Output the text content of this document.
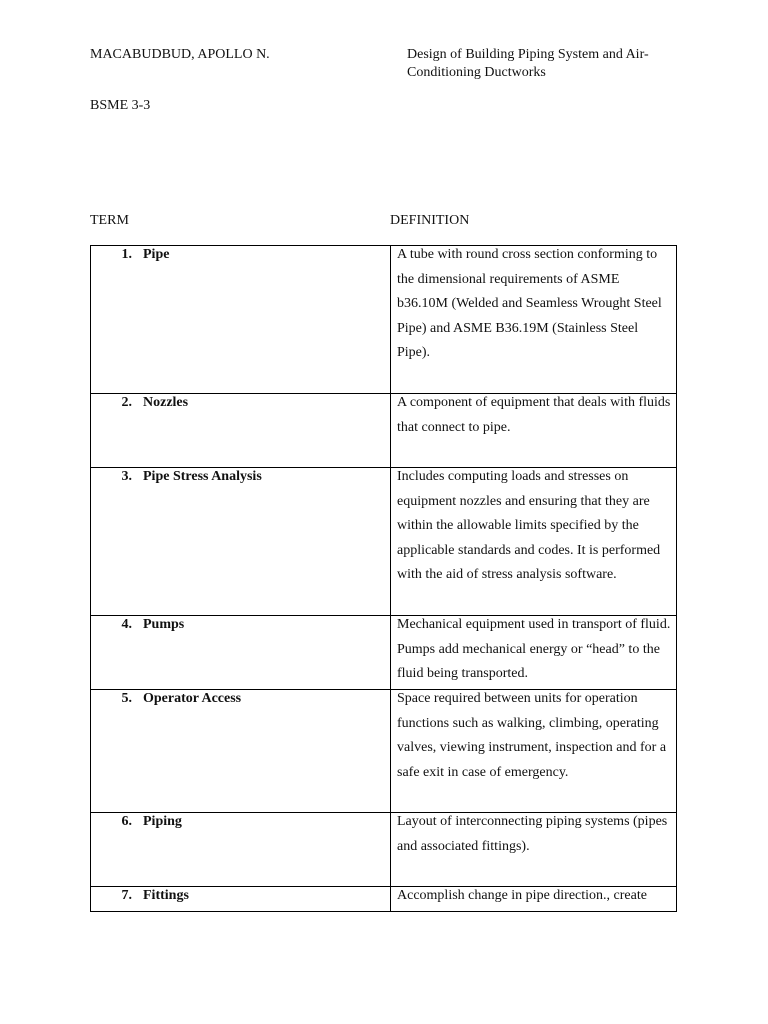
MACABUDBUD, APOLLO N.	Design of Building Piping System and Air-Conditioning Ductworks
BSME 3-3
TERM	DEFINITION
1. Pipe	A tube with round cross section conforming to the dimensional requirements of ASME b36.10M (Welded and Seamless Wrought Steel Pipe) and ASME B36.19M (Stainless Steel Pipe).

2. Nozzles	A component of equipment that deals with fluids that connect to pipe.

3. Pipe Stress Analysis	Includes computing loads and stresses on equipment nozzles and ensuring that they are within the allowable limits specified by the applicable standards and codes. It is performed with the aid of stress analysis software.

4. Pumps	Mechanical equipment used in transport of fluid. Pumps add mechanical energy or “head” to the fluid being transported.

5. Operator Access	Space required between units for operation functions such as walking, climbing, operating valves, viewing instrument, inspection and for a safe exit in case of emergency.

6. Piping	Layout of interconnecting piping systems (pipes and associated fittings).

7. Fittings	Accomplish change in pipe direction., create
